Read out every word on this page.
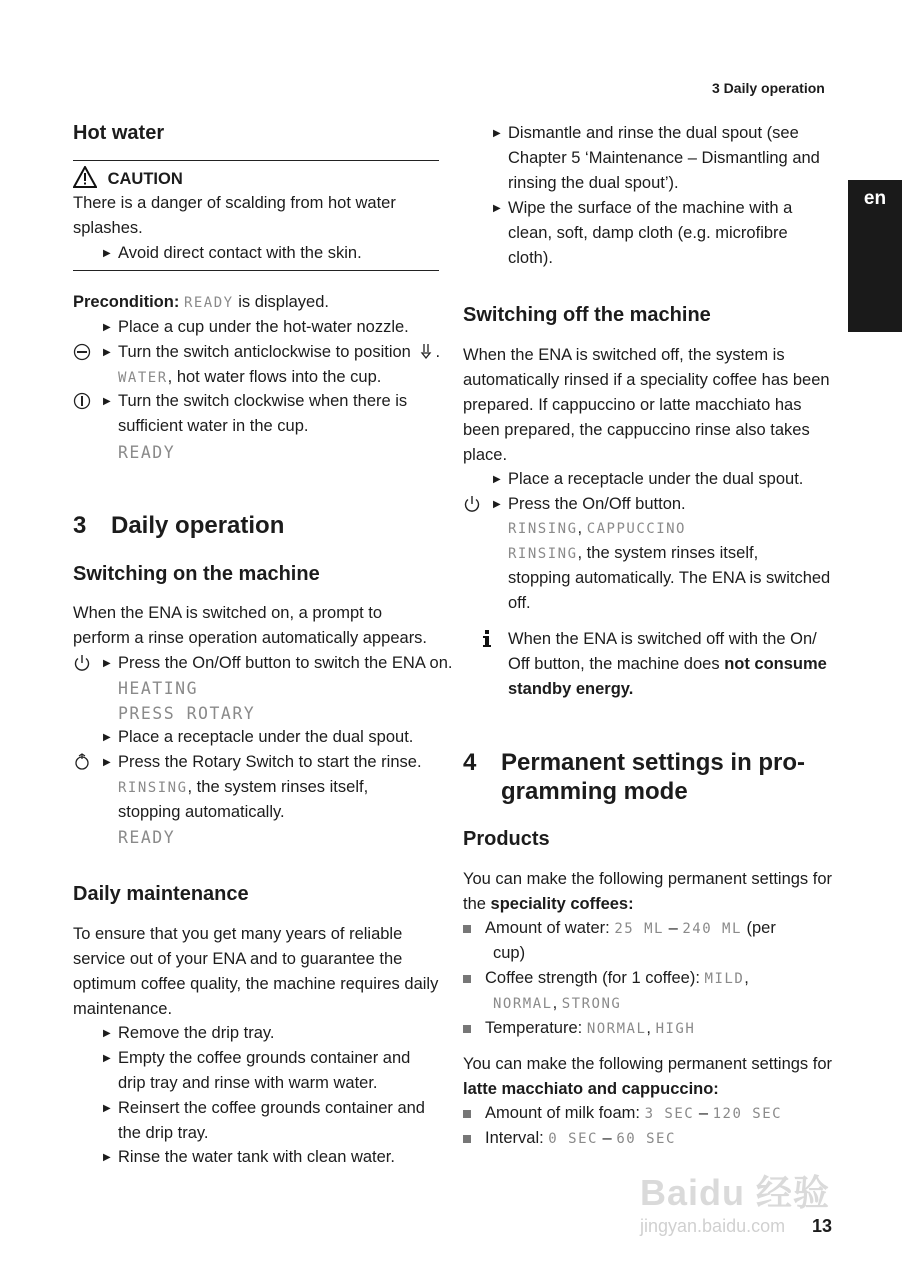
3 Daily operation
en
Hot water
CAUTION
There is a danger of scalding from hot water
splashes.
▶ Avoid direct contact with the skin.
Precondition: READY is displayed.
▶ Place a cup under the hot-water nozzle.
▶ Turn the switch anticlockwise to position .
WATER, hot water flows into the cup.
▶ Turn the switch clockwise when there is
sufficient water in the cup.
READY
3 Daily operation
Switching on the machine
When the ENA is switched on, a prompt to
perform a rinse operation automatically appears.
▶ Press the On/Off button to switch the ENA on.
HEATING
PRESS ROTARY
▶ Place a receptacle under the dual spout.
▶ Press the Rotary Switch to start the rinse.
RINSING, the system rinses itself,
stopping automatically.
READY
Daily maintenance
To ensure that you get many years of reliable
service out of your ENA and to guarantee the
optimum coffee quality, the machine requires daily
maintenance.
▶ Remove the drip tray.
▶ Empty the coffee grounds container and
drip tray and rinse with warm water.
▶ Reinsert the coffee grounds container and
the drip tray.
▶ Rinse the water tank with clean water.
▶ Dismantle and rinse the dual spout (see
Chapter 5 ‘Maintenance – Dismantling and
rinsing the dual spout’).
▶ Wipe the surface of the machine with a
clean, soft, damp cloth (e.g. microfibre
cloth).
Switching off the machine
When the ENA is switched off, the system is
automatically rinsed if a speciality coffee has been
prepared. If cappuccino or latte macchiato has
been prepared, the cappuccino rinse also takes
place.
▶ Place a receptacle under the dual spout.
▶ Press the On/Off button.
RINSING, CAPPUCCINO
RINSING, the system rinses itself,
stopping automatically. The ENA is switched
off.
When the ENA is switched off with the On/
Off button, the machine does not consume
standby energy.
4 Permanent settings in pro-
gramming mode
Products
You can make the following permanent settings for
the speciality coffees:
Amount of water: 25 ML – 240 ML (per
cup)
Coffee strength (for 1 coffee): MILD,
NORMAL, STRONG
Temperature: NORMAL, HIGH
You can make the following permanent settings for
latte macchiato and cappuccino:
Amount of milk foam: 3 SEC – 120 SEC
Interval: 0 SEC – 60 SEC
Baidu 经验
jingyan.baidu.com 13
